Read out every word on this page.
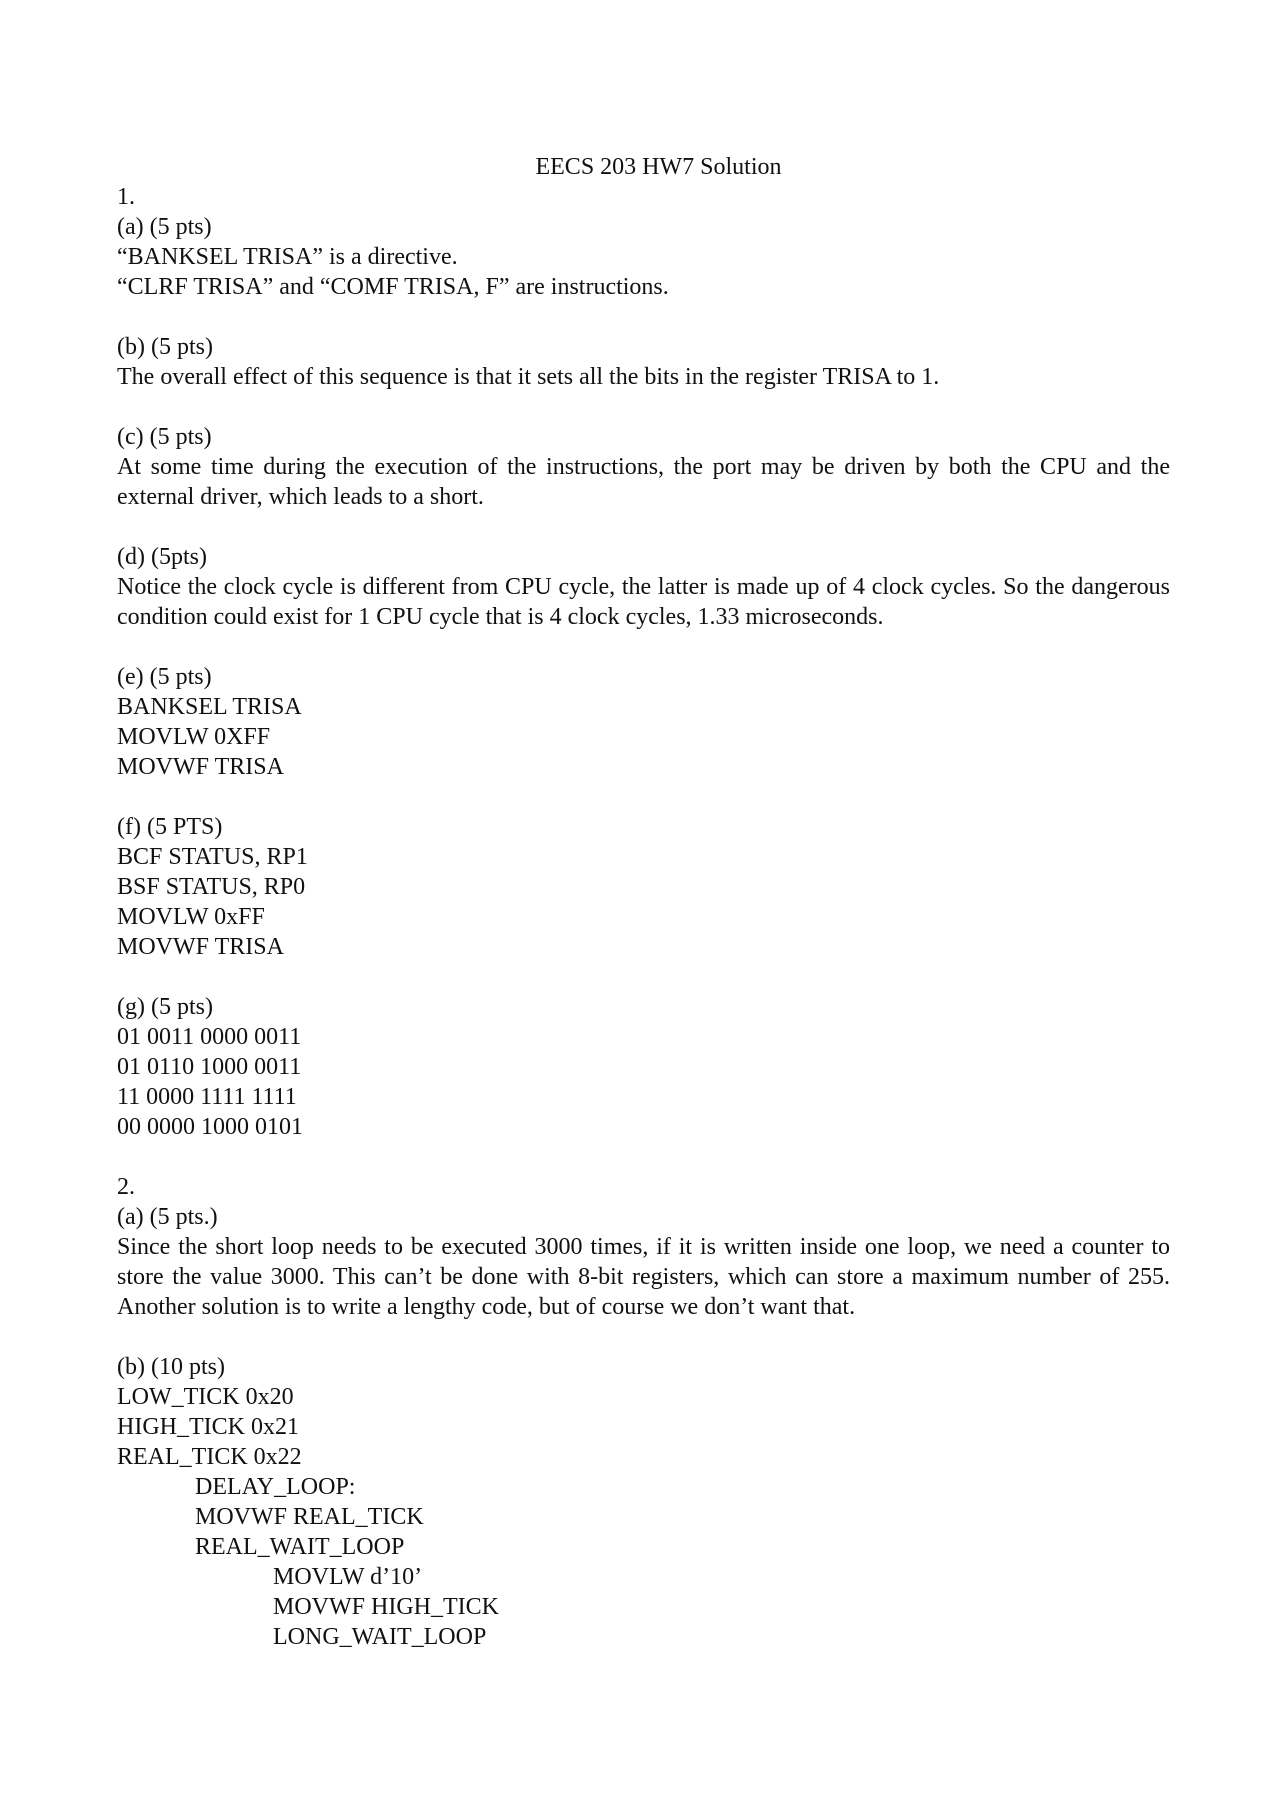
EECS 203 HW7 Solution

1.

(a) (5 pts)

“BANKSEL TRISA” is a directive.

“CLRF TRISA” and “COMF TRISA, F” are instructions.

(b) (5 pts)

The overall effect of this sequence is that it sets all the bits in the register TRISA to 1.

(c) (5 pts)

At some time during the execution of the instructions, the port may be driven by both the CPU and the external driver, which leads to a short.

(d) (5pts)

Notice the clock cycle is different from CPU cycle, the latter is made up of 4 clock cycles. So the dangerous condition could exist for 1 CPU cycle that is 4 clock cycles, 1.33 microseconds.

(e) (5 pts)

BANKSEL TRISA

MOVLW 0XFF

MOVWF TRISA

(f) (5 PTS)

BCF STATUS, RP1

BSF STATUS, RP0

MOVLW 0xFF

MOVWF TRISA

(g) (5 pts)

01 0011 0000 0011

01 0110 1000 0011

11 0000 1111 1111

00 0000 1000 0101

2.

(a) (5 pts.)

Since the short loop needs to be executed 3000 times, if it is written inside one loop, we need a counter to store the value 3000. This can’t be done with 8-bit registers, which can store a maximum number of 255. Another solution is to write a lengthy code, but of course we don’t want that.

(b) (10 pts)

LOW_TICK 0x20

HIGH_TICK 0x21

REAL_TICK 0x22

DELAY_LOOP:

MOVWF REAL_TICK

REAL_WAIT_LOOP

MOVLW d’10’

MOVWF HIGH_TICK

LONG_WAIT_LOOP
